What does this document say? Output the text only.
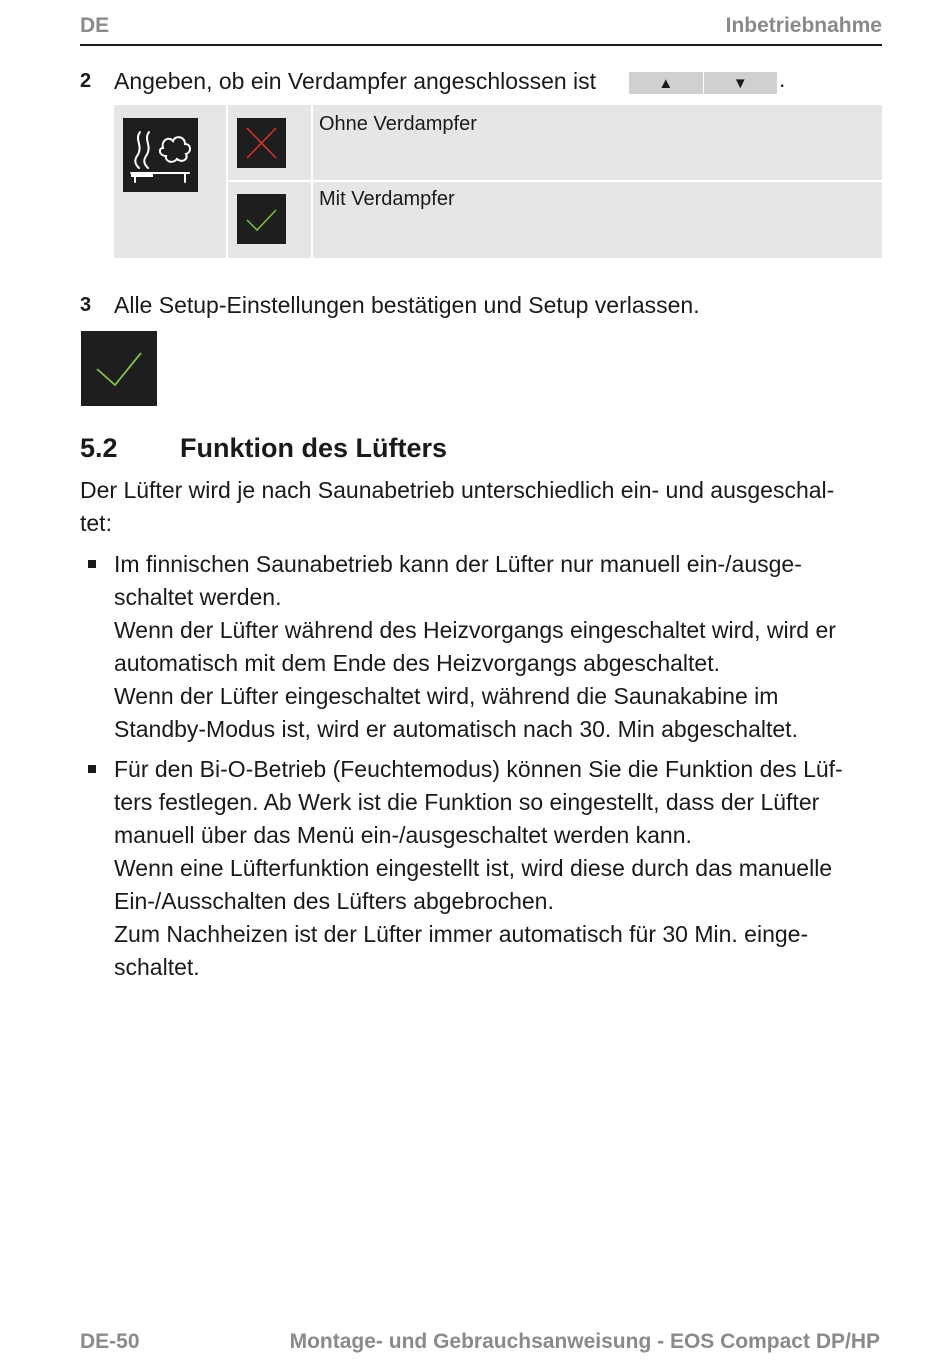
DE	Inbetriebnahme
2 Angeben, ob ein Verdampfer angeschlossen ist	▲	▼	.
Ohne Verdampfer
Mit Verdampfer
3 Alle Setup-Einstellungen bestätigen und Setup verlassen.
5.2 Funktion des Lüfters
Der Lüfter wird je nach Saunabetrieb unterschiedlich ein- und ausgeschal-
tet:
Im finnischen Saunabetrieb kann der Lüfter nur manuell ein-/ausge-
schaltet werden.
Wenn der Lüfter während des Heizvorgangs eingeschaltet wird, wird er
automatisch mit dem Ende des Heizvorgangs abgeschaltet.
Wenn der Lüfter eingeschaltet wird, während die Saunakabine im
Standby-Modus ist, wird er automatisch nach 30. Min abgeschaltet.
Für den Bi-O-Betrieb (Feuchtemodus) können Sie die Funktion des Lüf-
ters festlegen. Ab Werk ist die Funktion so eingestellt, dass der Lüfter
manuell über das Menü ein-/ausgeschaltet werden kann.
Wenn eine Lüfterfunktion eingestellt ist, wird diese durch das manuelle
Ein-/Ausschalten des Lüfters abgebrochen.
Zum Nachheizen ist der Lüfter immer automatisch für 30 Min. einge-
schaltet.
DE-50	Montage- und Gebrauchsanweisung - EOS Compact DP/HP
